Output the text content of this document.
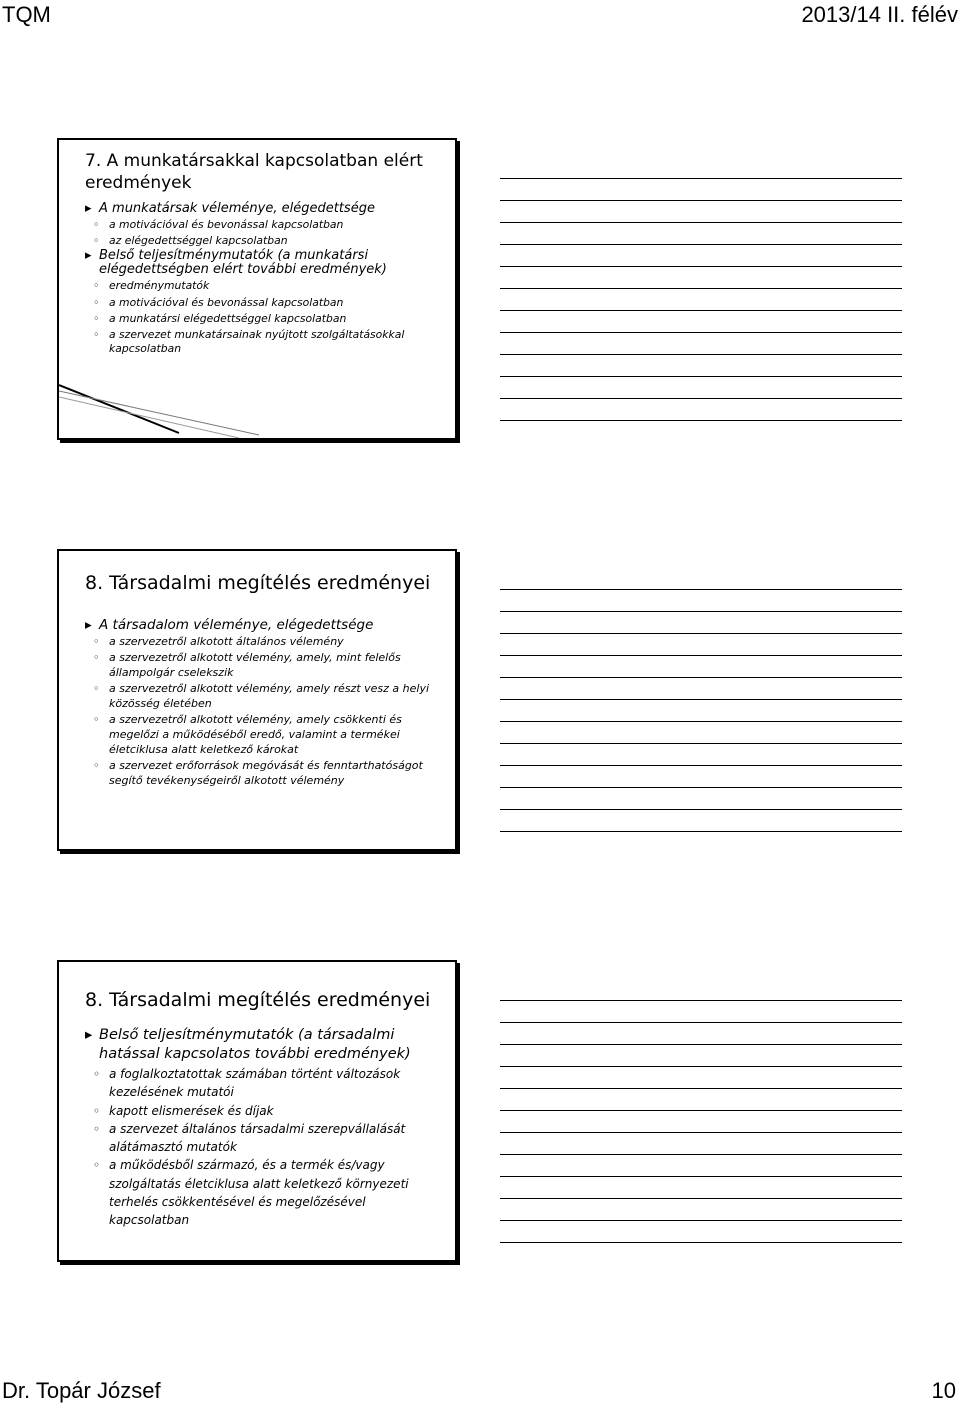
TQM	2013/14 II. félév
7. A munkatársakkal kapcsolatban elért eredmények
▸ A munkatársak véleménye, elégedettsége
◦ a motivációval és bevonással kapcsolatban
◦ az elégedettséggel kapcsolatban
▸ Belső teljesítménymutatók (a munkatársi elégedettségben elért további eredmények)
◦ eredménymutatók
◦ a motivációval és bevonással kapcsolatban
◦ a munkatársi elégedettséggel kapcsolatban
◦ a szervezet munkatársainak nyújtott szolgáltatásokkal kapcsolatban
8. Társadalmi megítélés eredményei
▸ A társadalom véleménye, elégedettsége
◦ a szervezetről alkotott általános vélemény
◦ a szervezetről alkotott vélemény, amely, mint felelős állampolgár cselekszik
◦ a szervezetről alkotott vélemény, amely részt vesz a helyi közösség életében
◦ a szervezetről alkotott vélemény, amely csökkenti és megelőzi a működéséből eredő, valamint a termékei életciklusa alatt keletkező károkat
◦ a szervezet erőforrások megóvását és fenntarthatóságot segítő tevékenységeiről alkotott vélemény
8. Társadalmi megítélés eredményei
▸ Belső teljesítménymutatók (a társadalmi hatással kapcsolatos további eredmények)
◦ a foglalkoztatottak számában történt változások kezelésének mutatói
◦ kapott elismerések és díjak
◦ a szervezet általános társadalmi szerepvállalását alátámasztó mutatók
◦ a működésből származó, és a termék és/vagy szolgáltatás életciklusa alatt keletkező környezeti terhelés csökkentésével és megelőzésével kapcsolatban
Dr. Topár József	10
